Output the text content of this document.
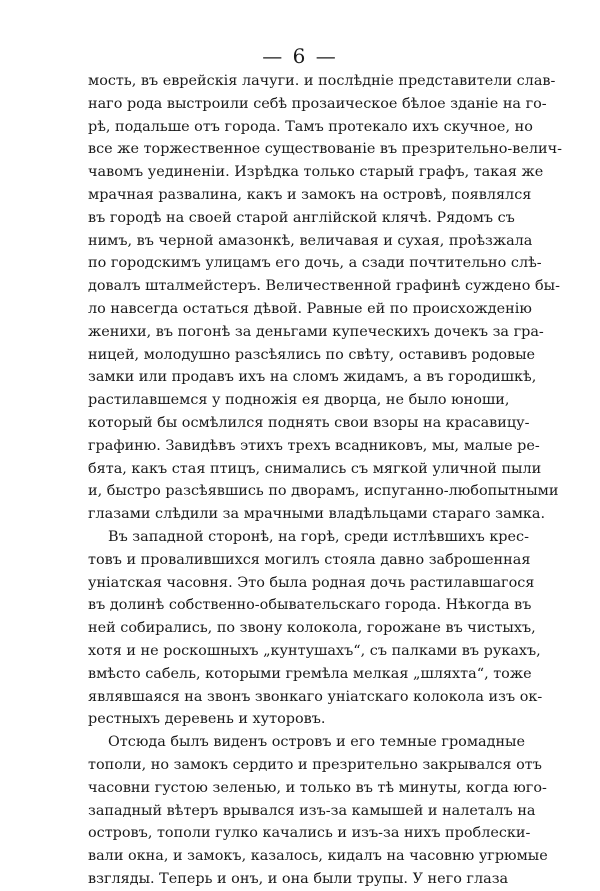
— 6 —
мость, въ еврейскія лачуги. и послѣдніе представители слав-
наго рода выстроили себѣ прозаическое бѣлое зданіе на го-
рѣ, подальше отъ города. Тамъ протекало ихъ скучное, но
все же торжественное существованіе въ презрительно-велич-
чавомъ уединеніи. Изрѣдка только старый графъ, такая же
мрачная развалина, какъ и замокъ на островѣ, появлялся
въ городѣ на своей старой англійской клячѣ. Рядомъ съ
нимъ, въ черной амазонкѣ, величавая и сухая, проѣзжала
по городскимъ улицамъ его дочь, а сзади почтительно слѣ-
довалъ шталмейстеръ. Величественной графинѣ суждено бы-
ло навсегда остаться дѣвой. Равные ей по происхожденію
женихи, въ погонѣ за деньгами купеческихъ дочекъ за гра-
ницей, молодушно разсѣялись по свѣту, оставивъ родовые
замки или продавъ ихъ на сломъ жидамъ, а въ городишкѣ,
растилавшемся у подножія ея дворца, не было юноши,
который бы осмѣлился поднять свои взоры на красавицу-
графиню. Завидѣвъ этихъ трехъ всадниковъ, мы, малые ре-
бята, какъ стая птицъ, снимались съ мягкой уличной пыли
и, быстро разсѣявшись по дворамъ, испуганно-любопытными
глазами слѣдили за мрачными владѣльцами стараго замка.
Въ западной сторонѣ, на горѣ, среди истлѣвшихъ крес-
товъ и провалившихся могилъ стояла давно заброшенная
уніатская часовня. Это была родная дочь растилавшагося
въ долинѣ собственно-обывательскаго города. Нѣкогда въ
ней собирались, по звону колокола, горожане въ чистыхъ,
хотя и не роскошныхъ „кунтушахъ“, съ палками въ рукахъ,
вмѣсто сабель, которыми гремѣла мелкая „шляхта“, тоже
являвшаяся на звонъ звонкаго уніатскаго колокола изъ ок-
рестныхъ деревень и хуторовъ.
Отсюда былъ виденъ островъ и его темные громадные
тополи, но замокъ сердито и презрительно закрывался отъ
часовни густою зеленью, и только въ тѣ минуты, когда юго-
западный вѣтеръ врывался изъ-за камышей и налеталъ на
островъ, тополи гулко качались и изъ-за нихъ проблески-
вали окна, и замокъ, казалось, кидалъ на часовню угрюмые
взгляды. Теперь и онъ, и она были трупы. У него глаза
